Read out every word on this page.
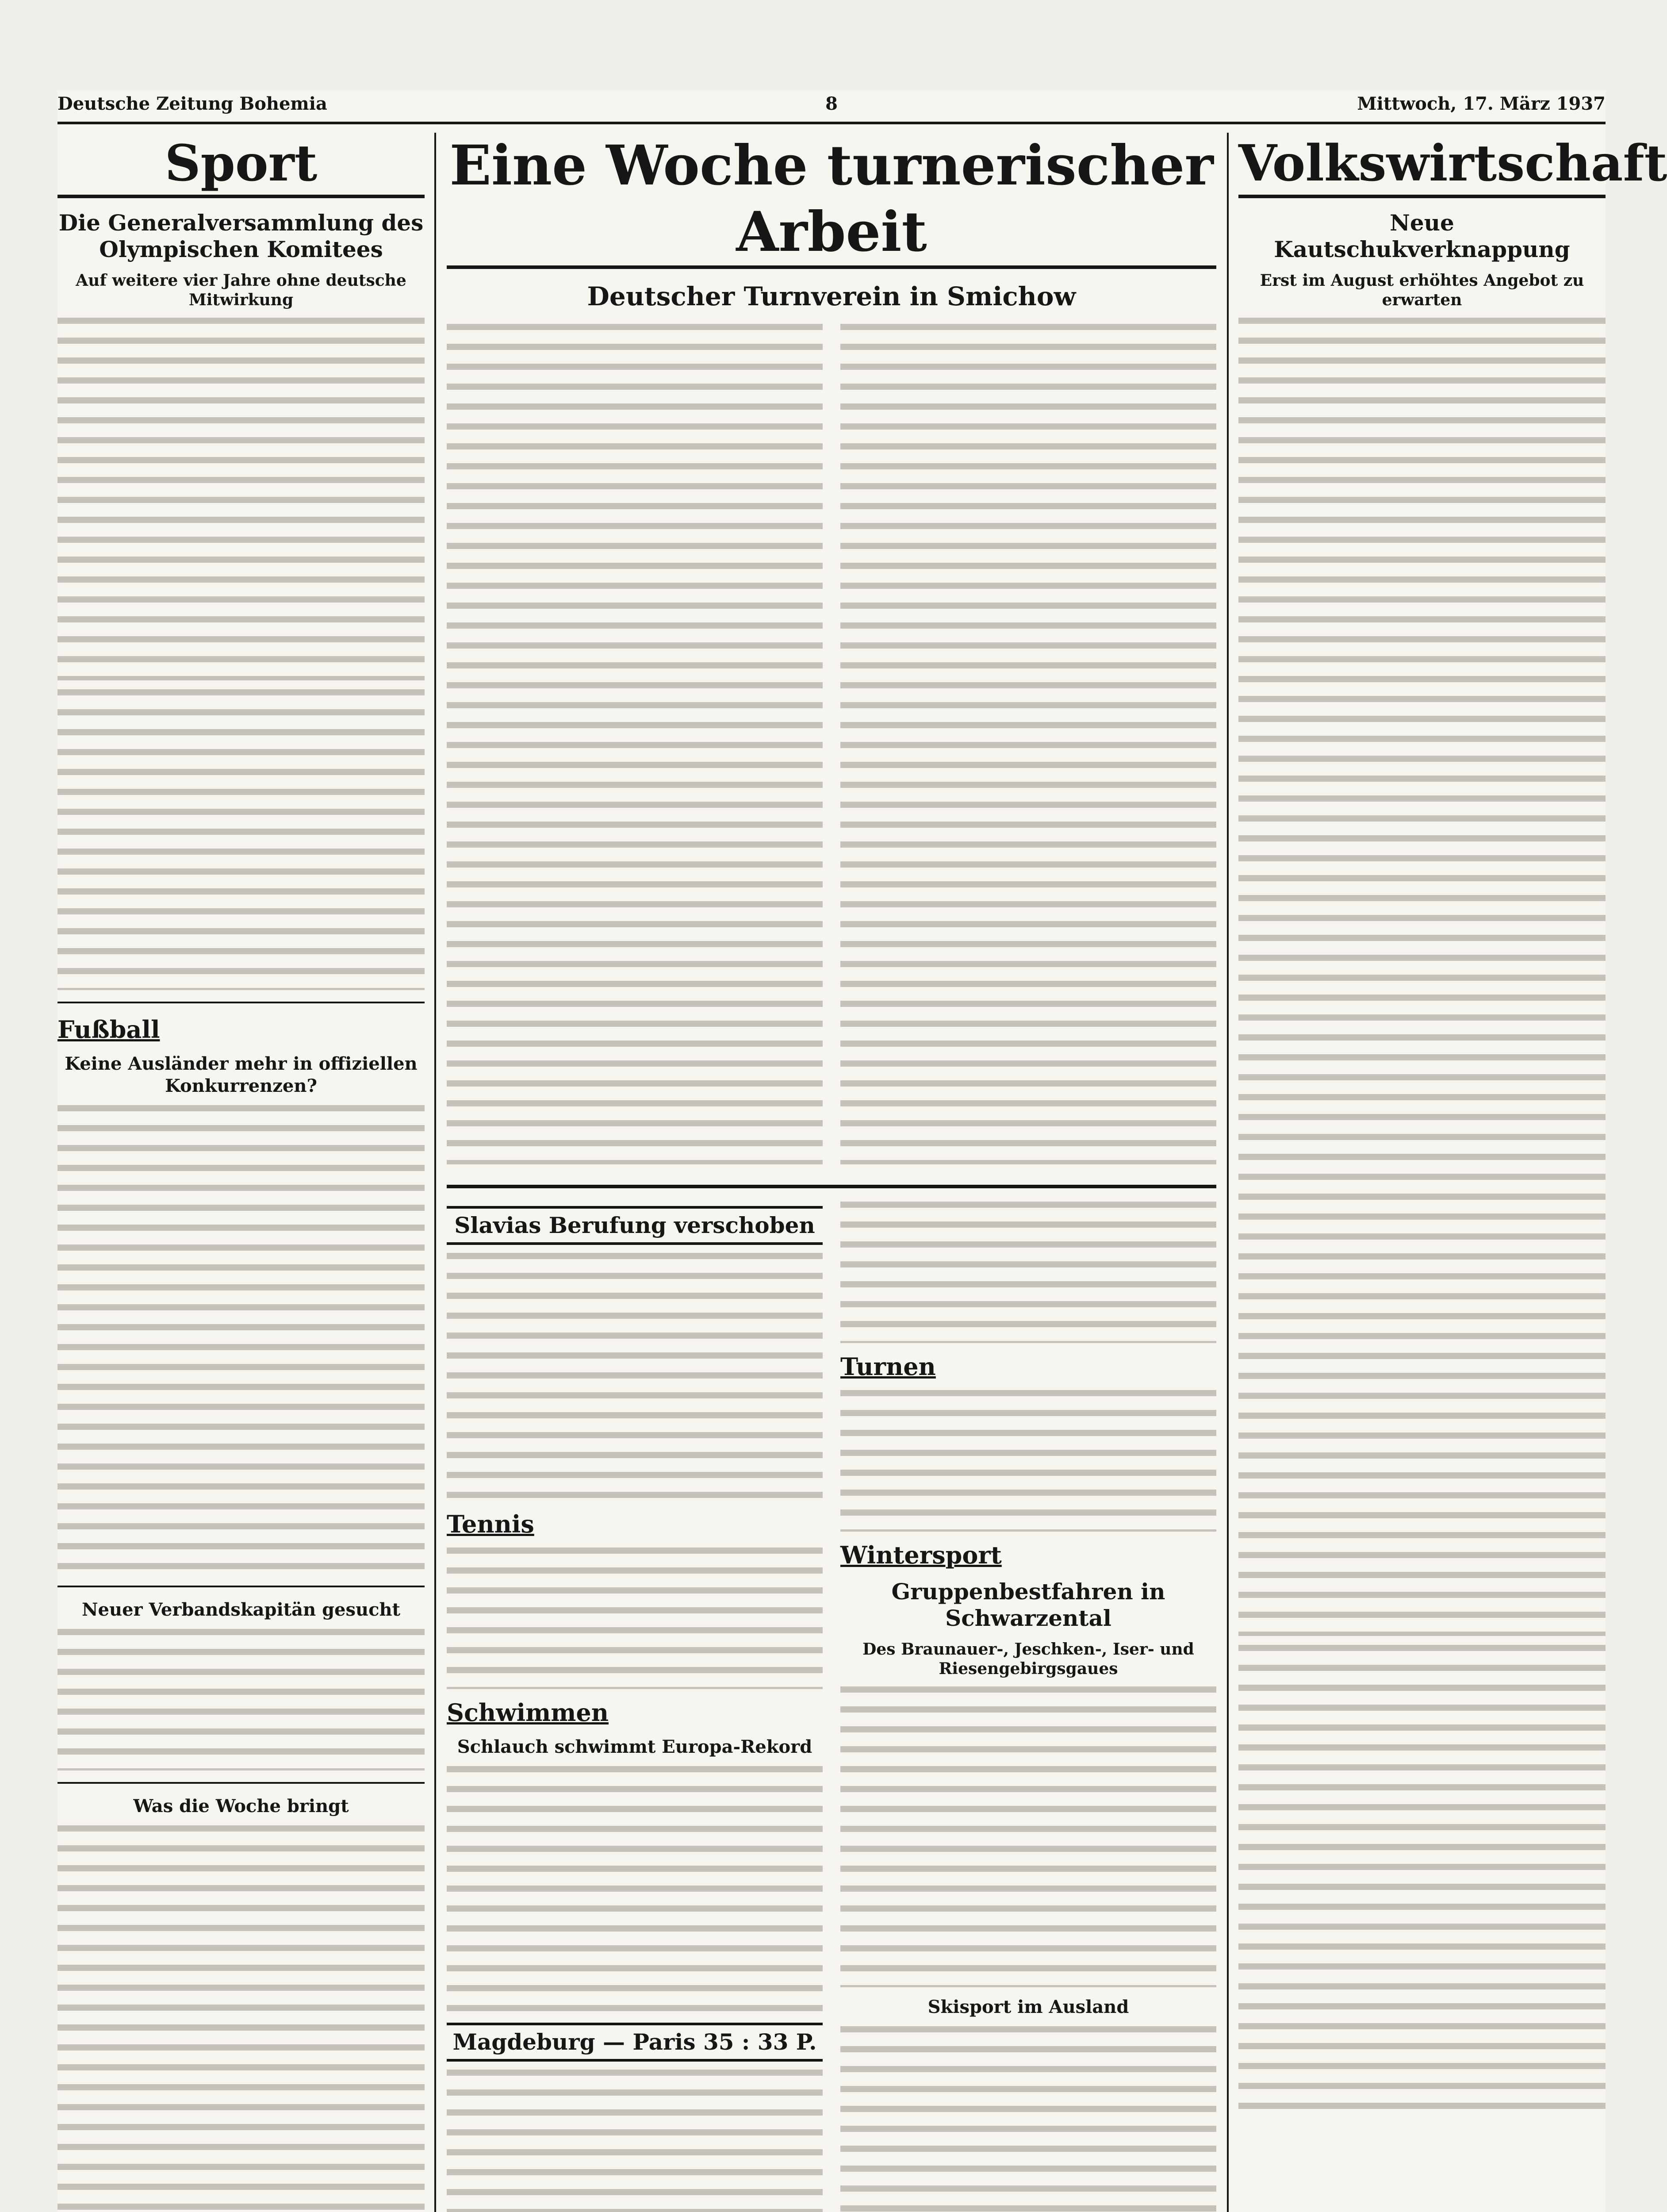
Deutsche Zeitung Bohemia	8	Mittwoch, 17. März 1937
Sport
Die Generalversammlung des Olympischen Komitees
Auf weitere vier Jahre ohne deutsche Mitwirkung
Fußball
Keine Ausländer mehr in offiziellen Konkurrenzen?
Neuer Verbandskapitän gesucht
Was die Woche bringt
Eine Woche turnerischer Arbeit
Deutscher Turnverein in Smichow
Slavias Berufung verschoben
Tennis
Schwimmen
Schlauch schwimmt Europa-Rekord
Magdeburg — Paris 35 : 33 P.
Turnen
Wintersport
Gruppenbestfahren in Schwarzental
Des Braunauer-, Jeschken-, Iser- und Riesengebirgsgaues
Skisport im Ausland
Volkswirtschaft
Neue Kautschukverknappung
Erst im August erhöhtes Angebot zu erwarten
